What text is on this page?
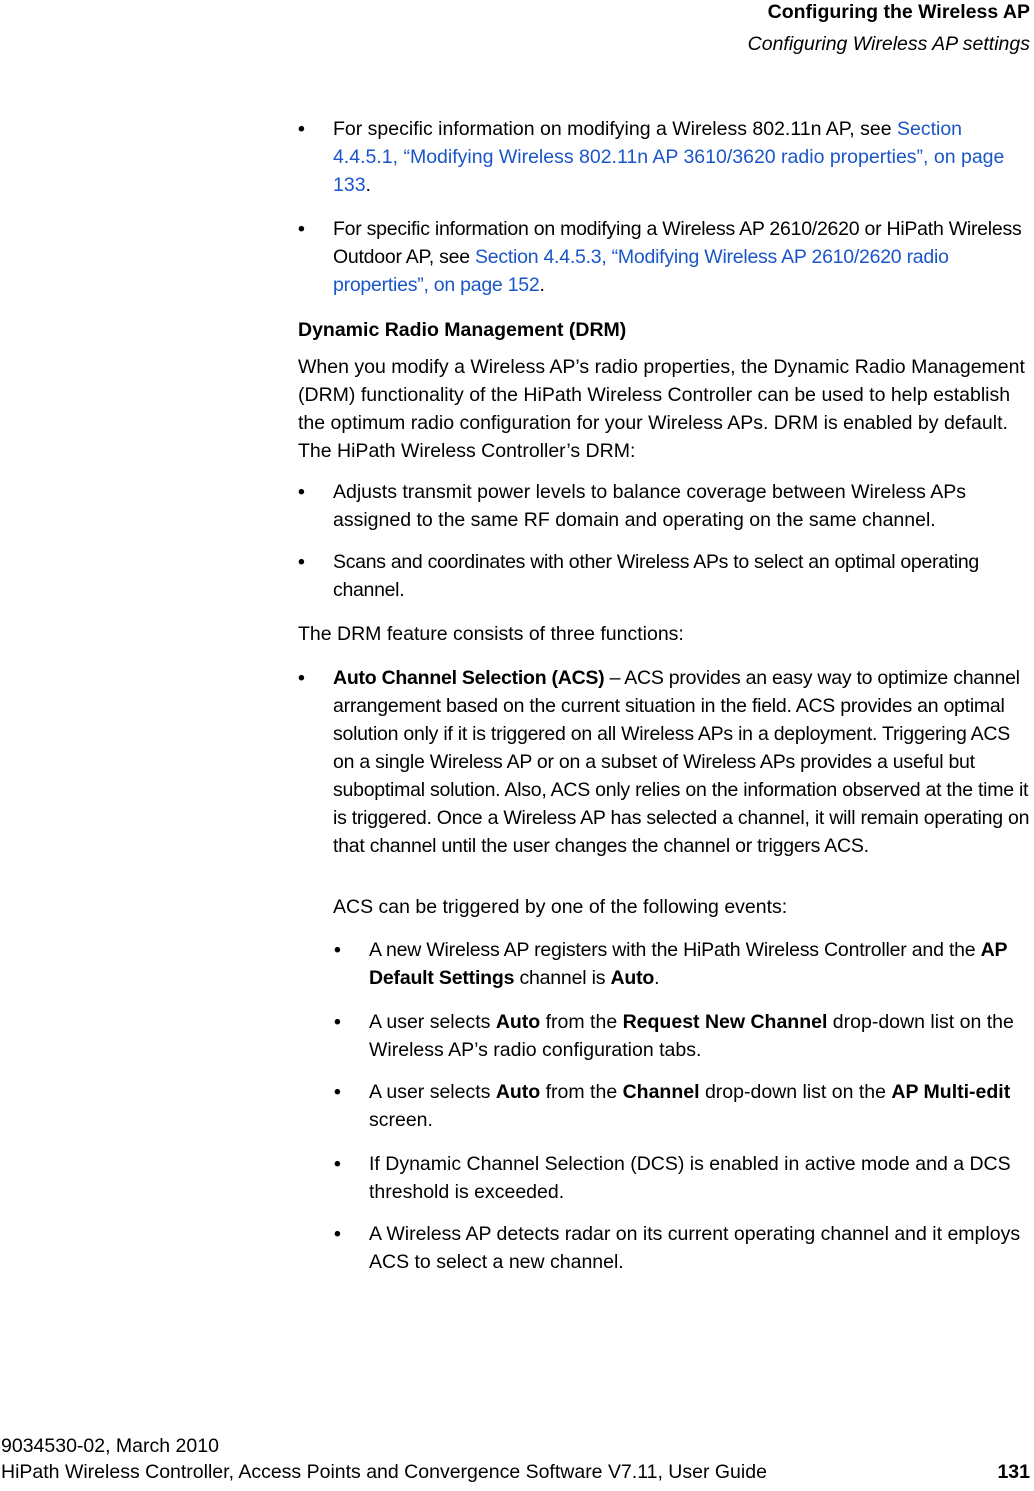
Configuring the Wireless AP
Configuring Wireless AP settings
• For specific information on modifying a Wireless 802.11n AP, see Section 4.4.5.1, “Modifying Wireless 802.11n AP 3610/3620 radio properties”, on page 133.
• For specific information on modifying a Wireless AP 2610/2620 or HiPath Wireless Outdoor AP, see Section 4.4.5.3, “Modifying Wireless AP 2610/2620 radio properties”, on page 152.
Dynamic Radio Management (DRM)
When you modify a Wireless AP’s radio properties, the Dynamic Radio Management (DRM) functionality of the HiPath Wireless Controller can be used to help establish the optimum radio configuration for your Wireless APs. DRM is enabled by default. The HiPath Wireless Controller’s DRM:
• Adjusts transmit power levels to balance coverage between Wireless APs assigned to the same RF domain and operating on the same channel.
• Scans and coordinates with other Wireless APs to select an optimal operating channel.
The DRM feature consists of three functions:
• Auto Channel Selection (ACS) – ACS provides an easy way to optimize channel arrangement based on the current situation in the field. ACS provides an optimal solution only if it is triggered on all Wireless APs in a deployment. Triggering ACS on a single Wireless AP or on a subset of Wireless APs provides a useful but suboptimal solution. Also, ACS only relies on the information observed at the time it is triggered. Once a Wireless AP has selected a channel, it will remain operating on that channel until the user changes the channel or triggers ACS.
ACS can be triggered by one of the following events:
• A new Wireless AP registers with the HiPath Wireless Controller and the AP Default Settings channel is Auto.
• A user selects Auto from the Request New Channel drop-down list on the Wireless AP’s radio configuration tabs.
• A user selects Auto from the Channel drop-down list on the AP Multi-edit screen.
• If Dynamic Channel Selection (DCS) is enabled in active mode and a DCS threshold is exceeded.
• A Wireless AP detects radar on its current operating channel and it employs ACS to select a new channel.
9034530-02, March 2010
HiPath Wireless Controller, Access Points and Convergence Software V7.11, User Guide	131
